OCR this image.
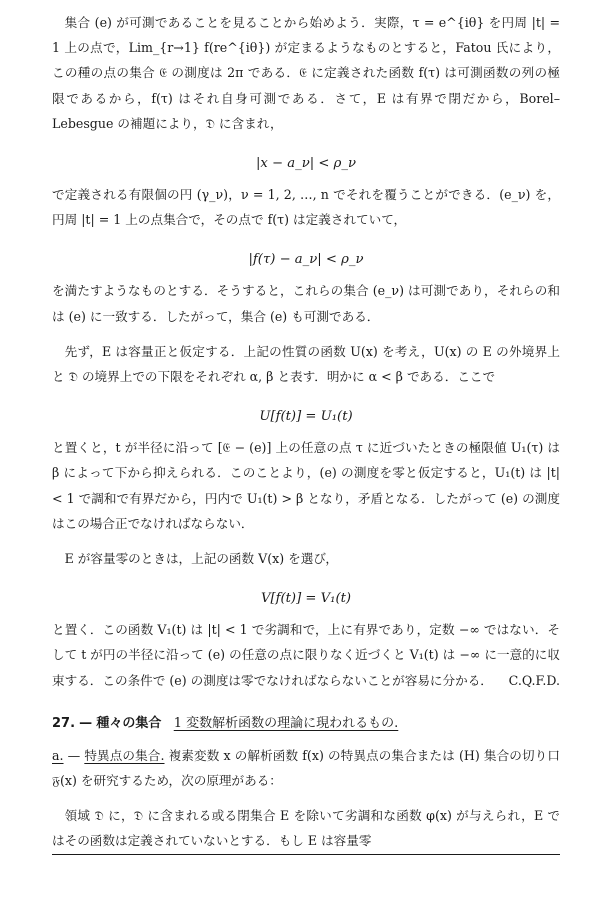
集合 (e) が可測であることを見ることから始めよう．実際，τ = e^{iθ} を円周 |t| = 1 上の点で，Lim_{r→1} f(re^{iθ}) が定まるようなものとすると，Fatou 氏により，この種の点の集合 𝔈 の測度は 2π である．𝔈 に定義された函数 f(τ) は可測函数の列の極限であるから，f(τ) はそれ自身可測である．さて，E は有界で閉だから，Borel–Lebesgue の補題により，𝔇 に含まれ，

|x − a_ν| < ρ_ν

で定義される有限個の円 (γ_ν)，ν = 1, 2, …, n でそれを覆うことができる．(e_ν) を，円周 |t| = 1 上の点集合で，その点で f(τ) は定義されていて，

|f(τ) − a_ν| < ρ_ν

を満たすようなものとする．そうすると，これらの集合 (e_ν) は可測であり，それらの和は (e) に一致する．したがって，集合 (e) も可測である．

先ず，E は容量正と仮定する．上記の性質の函数 U(x) を考え，U(x) の E の外境界上と 𝔇 の境界上での下限をそれぞれ α, β と表す．明かに α < β である．ここで

U[f(t)] = U₁(t)

と置くと，t が半径に沿って [𝔈 − (e)] 上の任意の点 τ に近づいたときの極限値 U₁(τ) は β によって下から抑えられる．このことより，(e) の測度を零と仮定すると，U₁(t) は |t| < 1 で調和で有界だから，円内で U₁(t) > β となり，矛盾となる．したがって (e) の測度はこの場合正でなければならない．

E が容量零のときは，上記の函数 V(x) を選び，

V[f(t)] = V₁(t)

と置く．この函数 V₁(t) は |t| < 1 で劣調和で，上に有界であり，定数 −∞ ではない．そして t が円の半径に沿って (e) の任意の点に限りなく近づくと V₁(t) は −∞ に一意的に収束する．この条件で (e) の測度は零でなければならないことが容易に分かる． C.Q.F.D.

27. — 種々の集合 1 変数解析函数の理論に現われるもの.

a. — 特異点の集合. 複素変数 x の解析函数 f(x) の特異点の集合または (H) 集合の切り口 𝔉(x) を研究するため，次の原理がある：

領域 𝔇 に，𝔇 に含まれる或る閉集合 E を除いて劣調和な函数 φ(x) が与えられ，E ではその函数は定義されていないとする．もし E は容量零
